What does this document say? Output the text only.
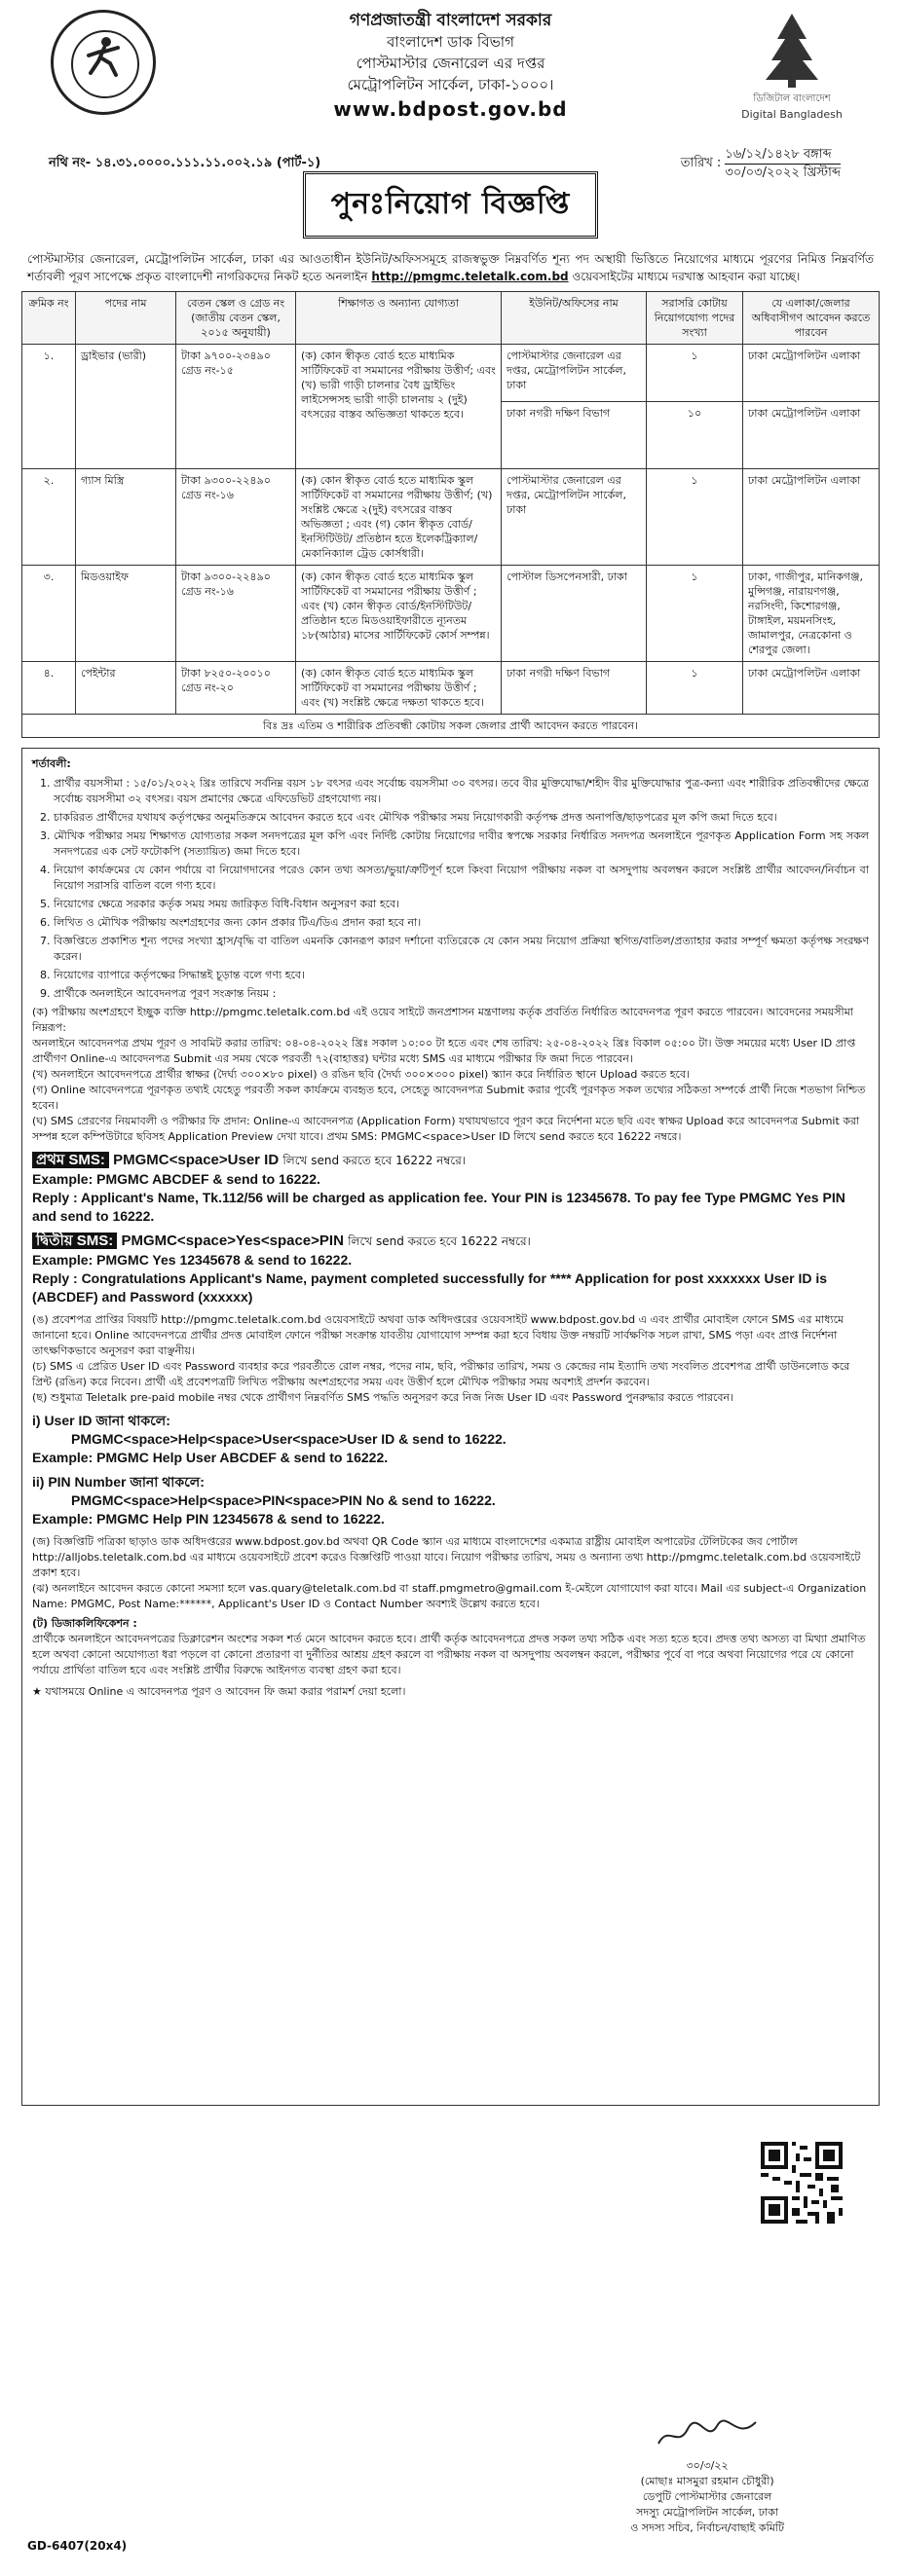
গণপ্রজাতন্ত্রী বাংলাদেশ সরকার
বাংলাদেশ ডাক বিভাগ
পোস্টমাস্টার জেনারেল এর দপ্তর
মেট্রোপলিটন সার্কেল, ঢাকা-১০০০।
www.bdpost.gov.bd	ডিজিটাল বাংলাদেশ
Digital Bangladesh
নথি নং- ১৪.৩১.০০০০.১১১.১১.০০২.১৯ (পার্ট-১)	তারিখ :
১৬/১২/১৪২৮ বঙ্গাব্দ
৩০/০৩/২০২২ খ্রিস্টাব্দ
পুনঃনিয়োগ বিজ্ঞপ্তি
পোস্টমাস্টার জেনারেল, মেট্রোপলিটন সার্কেল, ঢাকা এর আওতাধীন ইউনিট/অফিসসমূহে রাজস্বভুক্ত নিম্নবর্ণিত শূন্য পদ অস্থায়ী ভিত্তিতে নিয়োগের মাধ্যমে পূরণের নিমিত্ত নিম্নবর্ণিত শর্তাবলী পূরণ সাপেক্ষে প্রকৃত বাংলাদেশী নাগরিকদের নিকট হতে অনলাইন http://pmgmc.teletalk.com.bd ওয়েবসাইটের মাধ্যমে দরখাস্ত আহবান করা যাচ্ছে।
ক্রমিক নং	পদের নাম	বেতন স্কেল ও গ্রেড নং (জাতীয় বেতন স্কেল, ২০১৫ অনুযায়ী)	শিক্ষাগত ও অন্যান্য যোগ্যতা	ইউনিট/অফিসের নাম	সরাসরি কোটায় নিয়োগযোগ্য পদের সংখ্যা	যে এলাকা/জেলার অধিবাসীগণ আবেদন করতে পারবেন
১.	ড্রাইভার (ভারী)	টাকা ৯৭০০-২৩৪৯০ গ্রেড নং-১৫	(ক) কোন স্বীকৃত বোর্ড হতে মাধ্যমিক সার্টিফিকেট বা সমমানের পরীক্ষায় উত্তীর্ণ; এবং (খ) ভারী গাড়ী চালনার বৈধ ড্রাইভিং লাইসেন্সসহ ভারী গাড়ী চালনায় ২ (দুই) বৎসরের বাস্তব অভিজ্ঞতা থাকতে হবে।	পোস্টমাস্টার জেনারেল এর দপ্তর, মেট্রোপলিটন সার্কেল, ঢাকা	১	ঢাকা মেট্রোপলিটন এলাকা
				ঢাকা নগরী দক্ষিণ বিভাগ	১০	ঢাকা মেট্রোপলিটন এলাকা
২.	গ্যাস মিস্ত্রি	টাকা ৯৩০০-২২৪৯০ গ্রেড নং-১৬	(ক) কোন স্বীকৃত বোর্ড হতে মাধ্যমিক স্কুল সার্টিফিকেট বা সমমানের পরীক্ষায় উত্তীর্ণ; (খ) সংশ্লিষ্ট ক্ষেত্রে ২(দুই) বৎসরের বাস্তব অভিজ্ঞতা ; এবং (গ) কোন স্বীকৃত বোর্ড/ইনস্টিটিউট/ প্রতিষ্ঠান হতে ইলেকট্রিক্যাল/মেকানিক্যাল ট্রেড কোর্সধারী।	পোস্টমাস্টার জেনারেল এর দপ্তর, মেট্রোপলিটন সার্কেল, ঢাকা	১	ঢাকা মেট্রোপলিটন এলাকা
৩.	মিডওয়াইফ	টাকা ৯৩০০-২২৪৯০ গ্রেড নং-১৬	(ক) কোন স্বীকৃত বোর্ড হতে মাধ্যমিক স্কুল সার্টিফিকেট বা সমমানের পরীক্ষায় উত্তীর্ণ ; এবং (খ) কোন স্বীকৃত বোর্ড/ইনস্টিটিউট/ প্রতিষ্ঠান হতে মিডওয়াইফারীতে ন্যূনতম ১৮(আঠার) মাসের সার্টিফিকেট কোর্স সম্পন্ন।	পোস্টাল ডিসপেনসারী, ঢাকা	১	ঢাকা, গাজীপুর, মানিকগঞ্জ, মুন্সিগঞ্জ, নারায়ণগঞ্জ, নরসিংদী, কিশোরগঞ্জ, টাঙ্গাইল, ময়মনসিংহ, জামালপুর, নেত্রকোনা ও শেরপুর জেলা।
৪.	পেইন্টার	টাকা ৮২৫০-২০০১০ গ্রেড নং-২০	(ক) কোন স্বীকৃত বোর্ড হতে মাধ্যমিক স্কুল সার্টিফিকেট বা সমমানের পরীক্ষায় উত্তীর্ণ ; এবং (খ) সংশ্লিষ্ট ক্ষেত্রে দক্ষতা থাকতে হবে।	ঢাকা নগরী দক্ষিণ বিভাগ	১	ঢাকা মেট্রোপলিটন এলাকা
বিঃ দ্রঃ এতিম ও শারীরিক প্রতিবন্ধী কোটায় সকল জেলার প্রার্থী আবেদন করতে পারবেন।						
শর্তাবলী:
1. প্রার্থীর বয়সসীমা : ১৫/০১/২০২২ খ্রিঃ তারিখে সর্বনিম্ন বয়স ১৮ বৎসর এবং সর্বোচ্চ বয়সসীমা ৩০ বৎসর। তবে বীর মুক্তিযোদ্ধা/শহীদ বীর মুক্তিযোদ্ধার পুত্র-কন্যা এবং শারীরিক প্রতিবন্ধীদের ক্ষেত্রে সর্বোচ্চ বয়সসীমা ৩২ বৎসর। বয়স প্রমাণের ক্ষেত্রে এফিডেভিট গ্রহণযোগ্য নয়।
2. চাকরিরত প্রার্থীদের যথাযথ কর্তৃপক্ষের অনুমতিক্রমে আবেদন করতে হবে এবং মৌখিক পরীক্ষার সময় নিয়োগকারী কর্তৃপক্ষ প্রদত্ত অনাপত্তি/ছাড়পত্রের মূল কপি জমা দিতে হবে।
3. মৌখিক পরীক্ষার সময় শিক্ষাগত যোগ্যতার সকল সনদপত্রের মূল কপি এবং নির্দিষ্ট কোটায় নিয়োগের দাবীর স্বপক্ষে সরকার নির্ধারিত সনদপত্র অনলাইনে পূরণকৃত Application Form সহ সকল সনদপত্রের এক সেট ফটোকপি (সত্যায়িত) জমা দিতে হবে।
4. নিয়োগ কার্যক্রমের যে কোন পর্যায়ে বা নিয়োগদানের পরেও কোন তথ্য অসত্য/ভুয়া/ত্রুটিপূর্ণ হলে কিংবা নিয়োগ পরীক্ষায় নকল বা অসদুপায় অবলম্বন করলে সংশ্লিষ্ট প্রার্থীর আবেদন/নির্বাচন বা নিয়োগ সরাসরি বাতিল বলে গণ্য হবে।
5. নিয়োগের ক্ষেত্রে সরকার কর্তৃক সময় সময় জারিকৃত বিধি-বিধান অনুসরণ করা হবে।
6. লিখিত ও মৌখিক পরীক্ষায় অংশগ্রহণের জন্য কোন প্রকার টিএ/ডিএ প্রদান করা হবে না।
7. বিজ্ঞপ্তিতে প্রকাশিত শূন্য পদের সংখ্যা হ্রাস/বৃদ্ধি বা বাতিল এমনকি কোনরূপ কারণ দর্শানো ব্যতিরেকে যে কোন সময় নিয়োগ প্রক্রিয়া স্থগিত/বাতিল/প্রত্যাহার করার সম্পূর্ণ ক্ষমতা কর্তৃপক্ষ সংরক্ষণ করেন।
8. নিয়োগের ব্যাপারে কর্তৃপক্ষের সিদ্ধান্তই চূড়ান্ত বলে গণ্য হবে।
9. প্রার্থীকে অনলাইনে আবেদনপত্র পূরণ সংক্রান্ত নিয়ম :
(ক) পরীক্ষায় অংশগ্রহণে ইচ্ছুক ব্যক্তি http://pmgmc.teletalk.com.bd এই ওয়েব সাইটে জনপ্রশাসন মন্ত্রণালয় কর্তৃক প্রবর্তিত নির্ধারিত আবেদনপত্র পূরণ করতে পারবেন। আবেদনের সময়সীমা নিম্নরূপ:
অনলাইনে আবেদনপত্র প্রথম পূরণ ও সাবমিট করার তারিখ: ০৪-০৪-২০২২ খ্রিঃ সকাল ১০:০০ টা হতে এবং শেষ তারিখ: ২৫-০৪-২০২২ খ্রিঃ বিকাল ০৫:০০ টা। উক্ত সময়ের মধ্যে User ID প্রাপ্ত প্রার্থীগণ Online-এ আবেদনপত্র Submit এর সময় থেকে পরবর্তী ৭২(বাহাত্তর) ঘন্টার মধ্যে SMS এর মাধ্যমে পরীক্ষার ফি জমা দিতে পারবেন।
(খ) অনলাইনে আবেদনপত্রে প্রার্থীর স্বাক্ষর (দৈর্ঘ্য ৩০০×৮০ pixel) ও রঙিন ছবি (দৈর্ঘ্য ৩০০×৩০০ pixel) স্ক্যান করে নির্ধারিত স্থানে Upload করতে হবে।
(গ) Online আবেদনপত্রে পূরণকৃত তথ্যই যেহেতু পরবর্তী সকল কার্যক্রমে ব্যবহৃত হবে, সেহেতু আবেদনপত্র Submit করার পূর্বেই পূরণকৃত সকল তথ্যের সঠিকতা সম্পর্কে প্রার্থী নিজে শতভাগ নিশ্চিত হবেন।
(ঘ) SMS প্রেরণের নিয়মাবলী ও পরীক্ষার ফি প্রদান: Online-এ আবেদনপত্র (Application Form) যথাযথভাবে পূরণ করে নির্দেশনা মতে ছবি এবং স্বাক্ষর Upload করে আবেদনপত্র Submit করা সম্পন্ন হলে কম্পিউটারে ছবিসহ Application Preview দেখা যাবে। প্রথম SMS: PMGMC<space>User ID লিখে send করতে হবে 16222 নম্বরে।
প্রথম SMS: PMGMC<space>User ID লিখে send করতে হবে 16222 নম্বরে।
Example: PMGMC ABCDEF & send to 16222.
Reply : Applicant's Name, Tk.112/56 will be charged as application fee. Your PIN is 12345678. To pay fee Type PMGMC Yes PIN and send to 16222.
দ্বিতীয় SMS: PMGMC<space>Yes<space>PIN লিখে send করতে হবে 16222 নম্বরে।
Example: PMGMC Yes 12345678 & send to 16222.
Reply : Congratulations Applicant's Name, payment completed successfully for **** Application for post xxxxxxx User ID is (ABCDEF) and Password (xxxxxx)
(ঙ) প্রবেশপত্র প্রাপ্তির বিষয়টি http://pmgmc.teletalk.com.bd ওয়েবসাইটে অথবা ডাক অধিদপ্তরের ওয়েবসাইট www.bdpost.gov.bd এ এবং প্রার্থীর মোবাইল ফোনে SMS এর মাধ্যমে জানানো হবে। Online আবেদনপত্রে প্রার্থীর প্রদত্ত মোবাইল ফোনে পরীক্ষা সংক্রান্ত যাবতীয় যোগাযোগ সম্পন্ন করা হবে বিধায় উক্ত নম্বরটি সার্বক্ষণিক সচল রাখা, SMS পড়া এবং প্রাপ্ত নির্দেশনা তাৎক্ষণিকভাবে অনুসরণ করা বাঞ্ছনীয়।
(চ) SMS এ প্রেরিত User ID এবং Password ব্যবহার করে পরবর্তীতে রোল নম্বর, পদের নাম, ছবি, পরীক্ষার তারিখ, সময় ও কেন্দ্রের নাম ইত্যাদি তথ্য সংবলিত প্রবেশপত্র প্রার্থী ডাউনলোড করে প্রিন্ট (রঙিন) করে নিবেন। প্রার্থী এই প্রবেশপত্রটি লিখিত পরীক্ষায় অংশগ্রহণের সময় এবং উত্তীর্ণ হলে মৌখিক পরীক্ষার সময় অবশ্যই প্রদর্শন করবেন।
(ছ) শুধুমাত্র Teletalk pre-paid mobile নম্বর থেকে প্রার্থীগণ নিম্নবর্ণিত SMS পদ্ধতি অনুসরণ করে নিজ নিজ User ID এবং Password পুনরুদ্ধার করতে পারবেন।
i) User ID জানা থাকলে:
PMGMC<space>Help<space>User<space>User ID & send to 16222.
Example: PMGMC Help User ABCDEF & send to 16222.
ii) PIN Number জানা থাকলে:
PMGMC<space>Help<space>PIN<space>PIN No & send to 16222.
Example: PMGMC Help PIN 12345678 & send to 16222.
(জ) বিজ্ঞপ্তিটি পত্রিকা ছাড়াও ডাক অধিদপ্তরের www.bdpost.gov.bd অথবা QR Code স্ক্যান এর মাধ্যমে বাংলাদেশের একমাত্র রাষ্ট্রীয় মোবাইল অপারেটর টেলিটকের জব পোর্টাল http://alljobs.teletalk.com.bd এর মাধ্যমে ওয়েবসাইটে প্রবেশ করেও বিজ্ঞপ্তিটি পাওয়া যাবে। নিয়োগ পরীক্ষার তারিখ, সময় ও অন্যান্য তথ্য http://pmgmc.teletalk.com.bd ওয়েবসাইটে প্রকাশ হবে।
(ঝ) অনলাইনে আবেদন করতে কোনো সমস্যা হলে vas.quary@teletalk.com.bd বা staff.pmgmetro@gmail.com ই-মেইলে যোগাযোগ করা যাবে। Mail এর subject-এ Organization Name: PMGMC, Post Name:******, Applicant's User ID ও Contact Number অবশ্যই উল্লেখ করতে হবে।
(ট) ডিজাকলিফিকেশন :
প্রার্থীকে অনলাইনে আবেদনপত্রের ডিক্লারেশন অংশের সকল শর্ত মেনে আবেদন করতে হবে। প্রার্থী কর্তৃক আবেদনপত্রে প্রদত্ত সকল তথ্য সঠিক এবং সত্য হতে হবে। প্রদত্ত তথ্য অসত্য বা মিথ্যা প্রমাণিত হলে অথবা কোনো অযোগ্যতা ধরা পড়লে বা কোনো প্রতারণা বা দুর্নীতির আশ্রয় গ্রহণ করলে বা পরীক্ষায় নকল বা অসদুপায় অবলম্বন করলে, পরীক্ষার পূর্বে বা পরে অথবা নিয়োগের পরে যে কোনো পর্যায়ে প্রার্থিতা বাতিল হবে এবং সংশ্লিষ্ট প্রার্থীর বিরুদ্ধে আইনগত ব্যবস্থা গ্রহণ করা হবে।
★ যথাসময়ে Online এ আবেদনপত্র পূরণ ও আবেদন ফি জমা করার পরামর্শ দেয়া হলো।
৩০/৩/২২
(মোছাঃ মাসমুরা রহমান চৌধুরী)
ডেপুটি পোস্টমাস্টার জেনারেল
সদস্যু মেট্রোপলিটন সার্কেল, ঢাকা
ও সদস্য সচিব, নির্বাচন/বাছাই কমিটি
GD-6407(20x4)
